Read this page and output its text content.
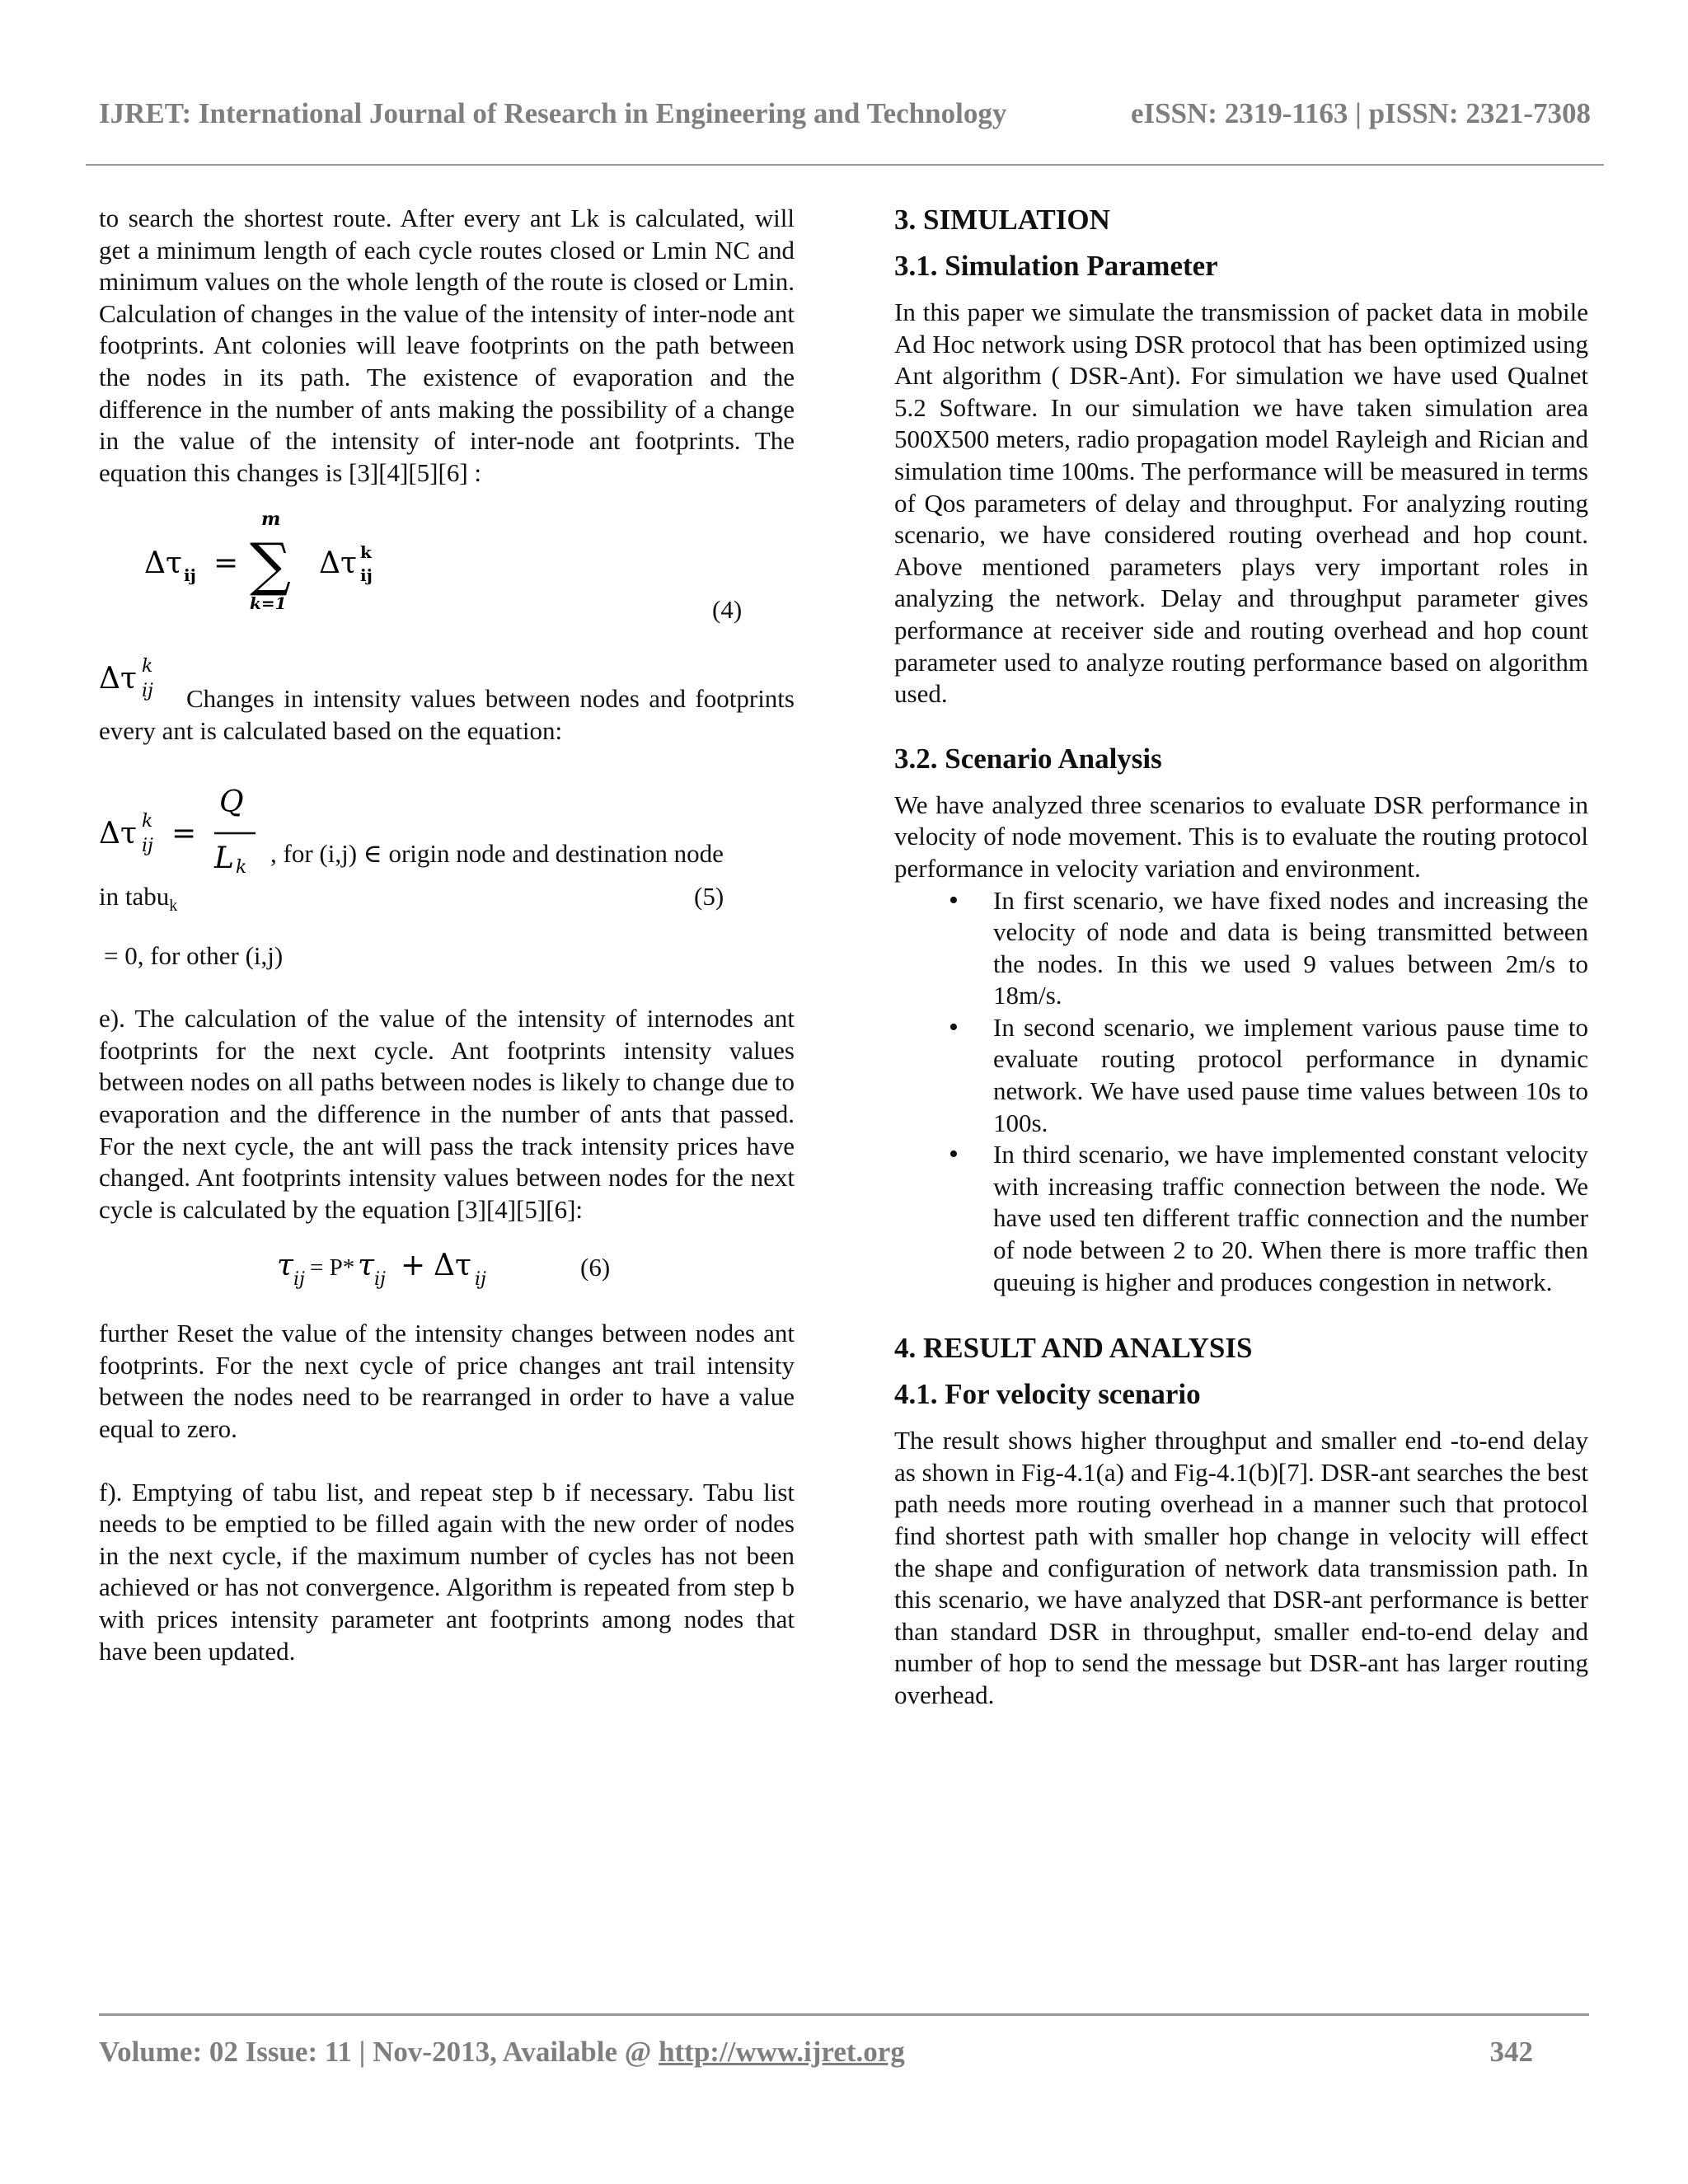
IJRET: International Journal of Research in Engineering and Technology	eISSN: 2319-1163 | pISSN: 2321-7308

to search the shortest route. After every ant Lk is calculated, will get a minimum length of each cycle routes closed or Lmin NC and minimum values on the whole length of the route is closed or Lmin. Calculation of changes in the value of the intensity of inter-node ant footprints. Ant colonies will leave footprints on the path between the nodes in its path. The existence of evaporation and the difference in the number of ants making the possibility of a change in the value of the intensity of inter-node ant footprints. The equation this changes is [3][4][5][6] :

Δτ ij =
m
∑
k=1
Δτ k
ij
(4)
Δτ k
ij	Changes in intensity values between nodes and footprints every ant is calculated based on the equation:

Δτ k
ij =
Q
L k , for (i,j) ∈ origin node and destination node
in tabu$_k$	(5)

= 0, for other (i,j)

e). The calculation of the value of the intensity of internodes ant footprints for the next cycle. Ant footprints intensity values between nodes on all paths between nodes is likely to change due to evaporation and the difference in the number of ants that passed. For the next cycle, the ant will pass the track intensity prices have changed. Ant footprints intensity values between nodes for the next cycle is calculated by the equation [3][4][5][6]:

τ ij τ ij + Δτ ij
= P*	(6)

further Reset the value of the intensity changes between nodes ant footprints. For the next cycle of price changes ant trail intensity between the nodes need to be rearranged in order to have a value equal to zero.

f). Emptying of tabu list, and repeat step b if necessary. Tabu list needs to be emptied to be filled again with the new order of nodes in the next cycle, if the maximum number of cycles has not been achieved or has not convergence. Algorithm is repeated from step b with prices intensity parameter ant footprints among nodes that have been updated.

3. SIMULATION
3.1. Simulation Parameter

In this paper we simulate the transmission of packet data in mobile Ad Hoc network using DSR protocol that has been optimized using Ant algorithm ( DSR-Ant). For simulation we have used Qualnet 5.2 Software. In our simulation we have taken simulation area 500X500 meters, radio propagation model Rayleigh and Rician and simulation time 100ms. The performance will be measured in terms of Qos parameters of delay and throughput. For analyzing routing scenario, we have considered routing overhead and hop count. Above mentioned parameters plays very important roles in analyzing the network. Delay and throughput parameter gives performance at receiver side and routing overhead and hop count parameter used to analyze routing performance based on algorithm used.

3.2. Scenario Analysis

We have analyzed three scenarios to evaluate DSR performance in velocity of node movement. This is to evaluate the routing protocol performance in velocity variation and environment.

• In first scenario, we have fixed nodes and increasing the velocity of node and data is being transmitted between the nodes. In this we used 9 values between 2m/s to 18m/s.
• In second scenario, we implement various pause time to evaluate routing protocol performance in dynamic network. We have used pause time values between 10s to 100s.
• In third scenario, we have implemented constant velocity with increasing traffic connection between the node. We have used ten different traffic connection and the number of node between 2 to 20. When there is more traffic then queuing is higher and produces congestion in network.
4. RESULT AND ANALYSIS
4.1. For velocity scenario

The result shows higher throughput and smaller end -to-end delay as shown in Fig-4.1(a) and Fig-4.1(b)[7]. DSR-ant searches the best path needs more routing overhead in a manner such that protocol find shortest path with smaller hop change in velocity will effect the shape and configuration of network data transmission path. In this scenario, we have analyzed that DSR-ant performance is better than standard DSR in throughput, smaller end-to-end delay and number of hop to send the message but DSR-ant has larger routing overhead.

Volume: 02 Issue: 11 | Nov-2013, Available @ http://www.ijret.org	342
